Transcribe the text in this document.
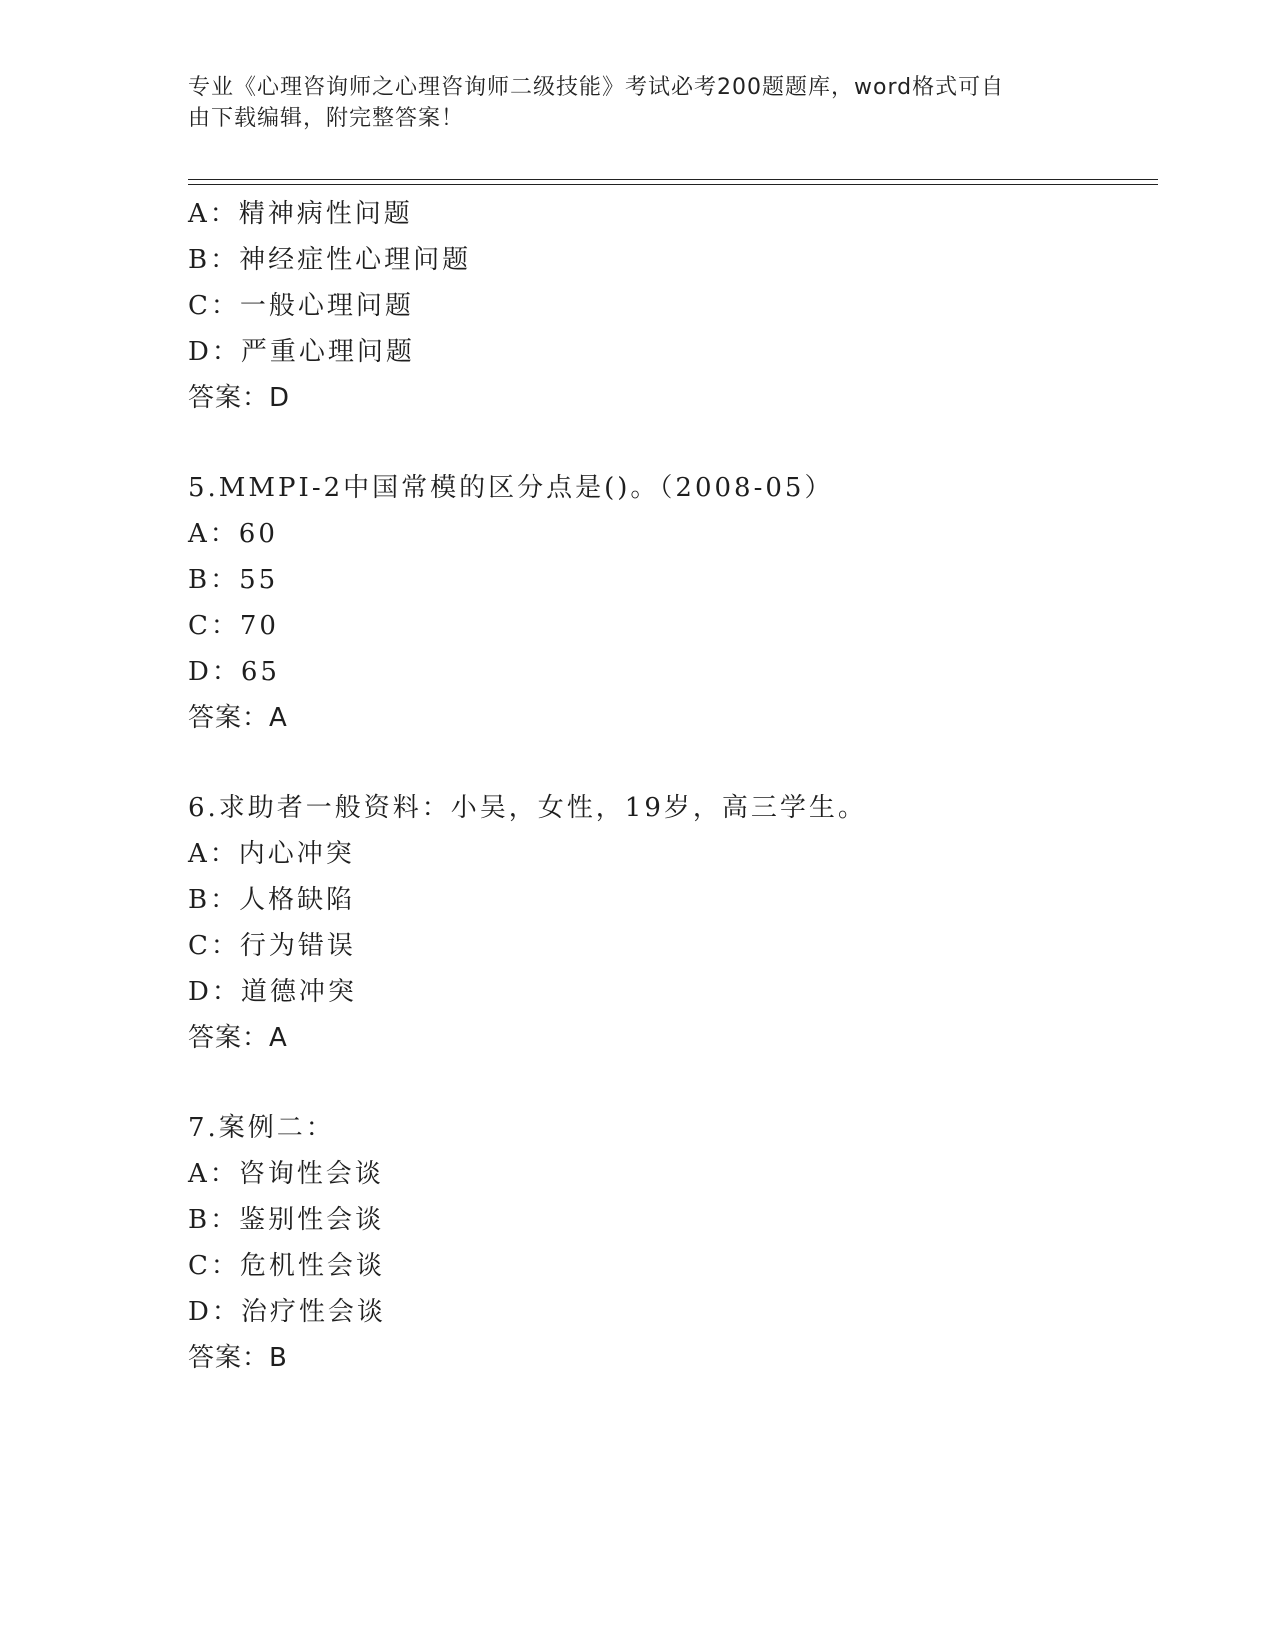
专业《心理咨询师之心理咨询师二级技能》考试必考200题题库，word格式可自
由下载编辑，附完整答案！
A：精神病性问题
B：神经症性心理问题
C：一般心理问题
D：严重心理问题
答案：D
5.MMPI-2中国常模的区分点是()。（2008-05）
A：60
B：55
C：70
D：65
答案：A
6.求助者一般资料：小吴，女性，19岁，高三学生。
A：内心冲突
B：人格缺陷
C：行为错误
D：道德冲突
答案：A
7.案例二：
A：咨询性会谈
B：鉴别性会谈
C：危机性会谈
D：治疗性会谈
答案：B
